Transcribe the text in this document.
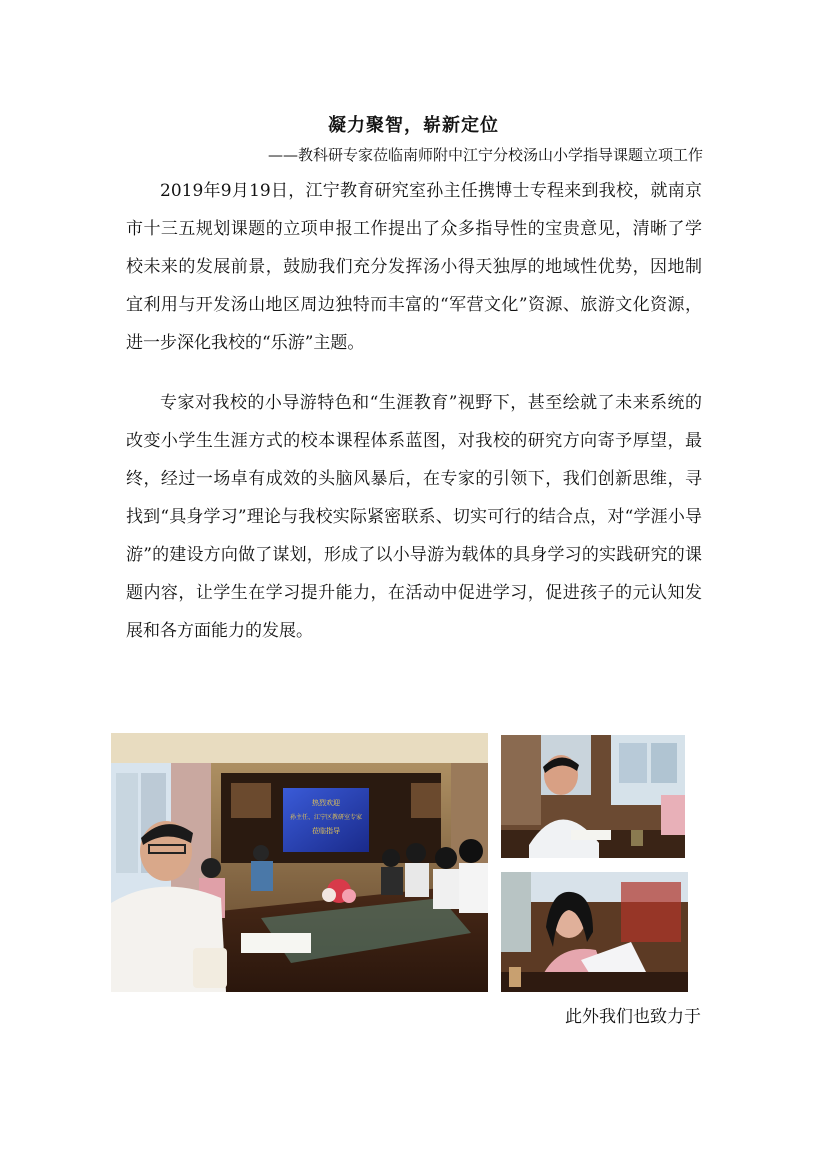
凝力聚智，崭新定位
——教科研专家莅临南师附中江宁分校汤山小学指导课题立项工作

2019年9月19日，江宁教育研究室孙主任携博士专程来到我校，就南京市十三五规划课题的立项申报工作提出了众多指导性的宝贵意见，清晰了学校未来的发展前景，鼓励我们充分发挥汤小得天独厚的地域性优势，因地制宜利用与开发汤山地区周边独特而丰富的“军营文化”资源、旅游文化资源，进一步深化我校的“乐游”主题。

专家对我校的小导游特色和“生涯教育”视野下，甚至绘就了未来系统的改变小学生生涯方式的校本课程体系蓝图，对我校的研究方向寄予厚望，最终，经过一场卓有成效的头脑风暴后，在专家的引领下，我们创新思维，寻找到“具身学习”理论与我校实际紧密联系、切实可行的结合点，对“学涯小导游”的建设方向做了谋划，形成了以小导游为载体的具身学习的实践研究的课题内容，让学生在学习提升能力，在活动中促进学习，促进孩子的元认知发展和各方面能力的发展。

热烈欢迎
孙主任、江宁区教研室专家
莅临指导
此外我们也致力于
